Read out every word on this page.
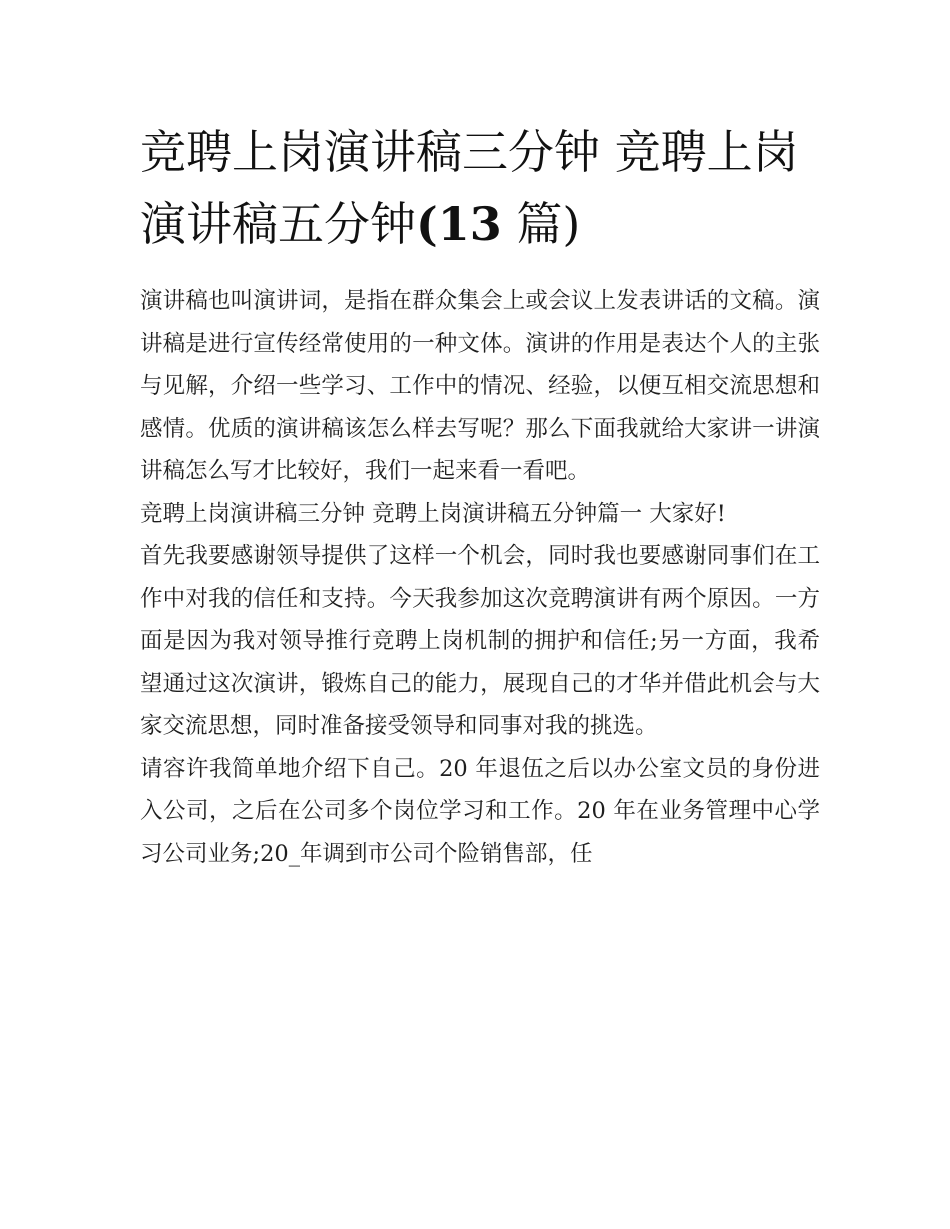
竞聘上岗演讲稿三分钟 竞聘上岗演讲稿五分钟(13 篇)

演讲稿也叫演讲词，是指在群众集会上或会议上发表讲话的文稿。演讲稿是进行宣传经常使用的一种文体。演讲的作用是表达个人的主张与见解，介绍一些学习、工作中的情况、经验，以便互相交流思想和感情。优质的演讲稿该怎么样去写呢？那么下面我就给大家讲一讲演讲稿怎么写才比较好，我们一起来看一看吧。

竞聘上岗演讲稿三分钟 竞聘上岗演讲稿五分钟篇一 大家好!

首先我要感谢领导提供了这样一个机会，同时我也要感谢同事们在工作中对我的信任和支持。今天我参加这次竞聘演讲有两个原因。一方面是因为我对领导推行竞聘上岗机制的拥护和信任;另一方面，我希望通过这次演讲，锻炼自己的能力，展现自己的才华并借此机会与大家交流思想，同时准备接受领导和同事对我的挑选。

请容许我简单地介绍下自己。20 年退伍之后以办公室文员的身份进入公司，之后在公司多个岗位学习和工作。20 年在业务管理中心学习公司业务;20_年调到市公司个险销售部，任
